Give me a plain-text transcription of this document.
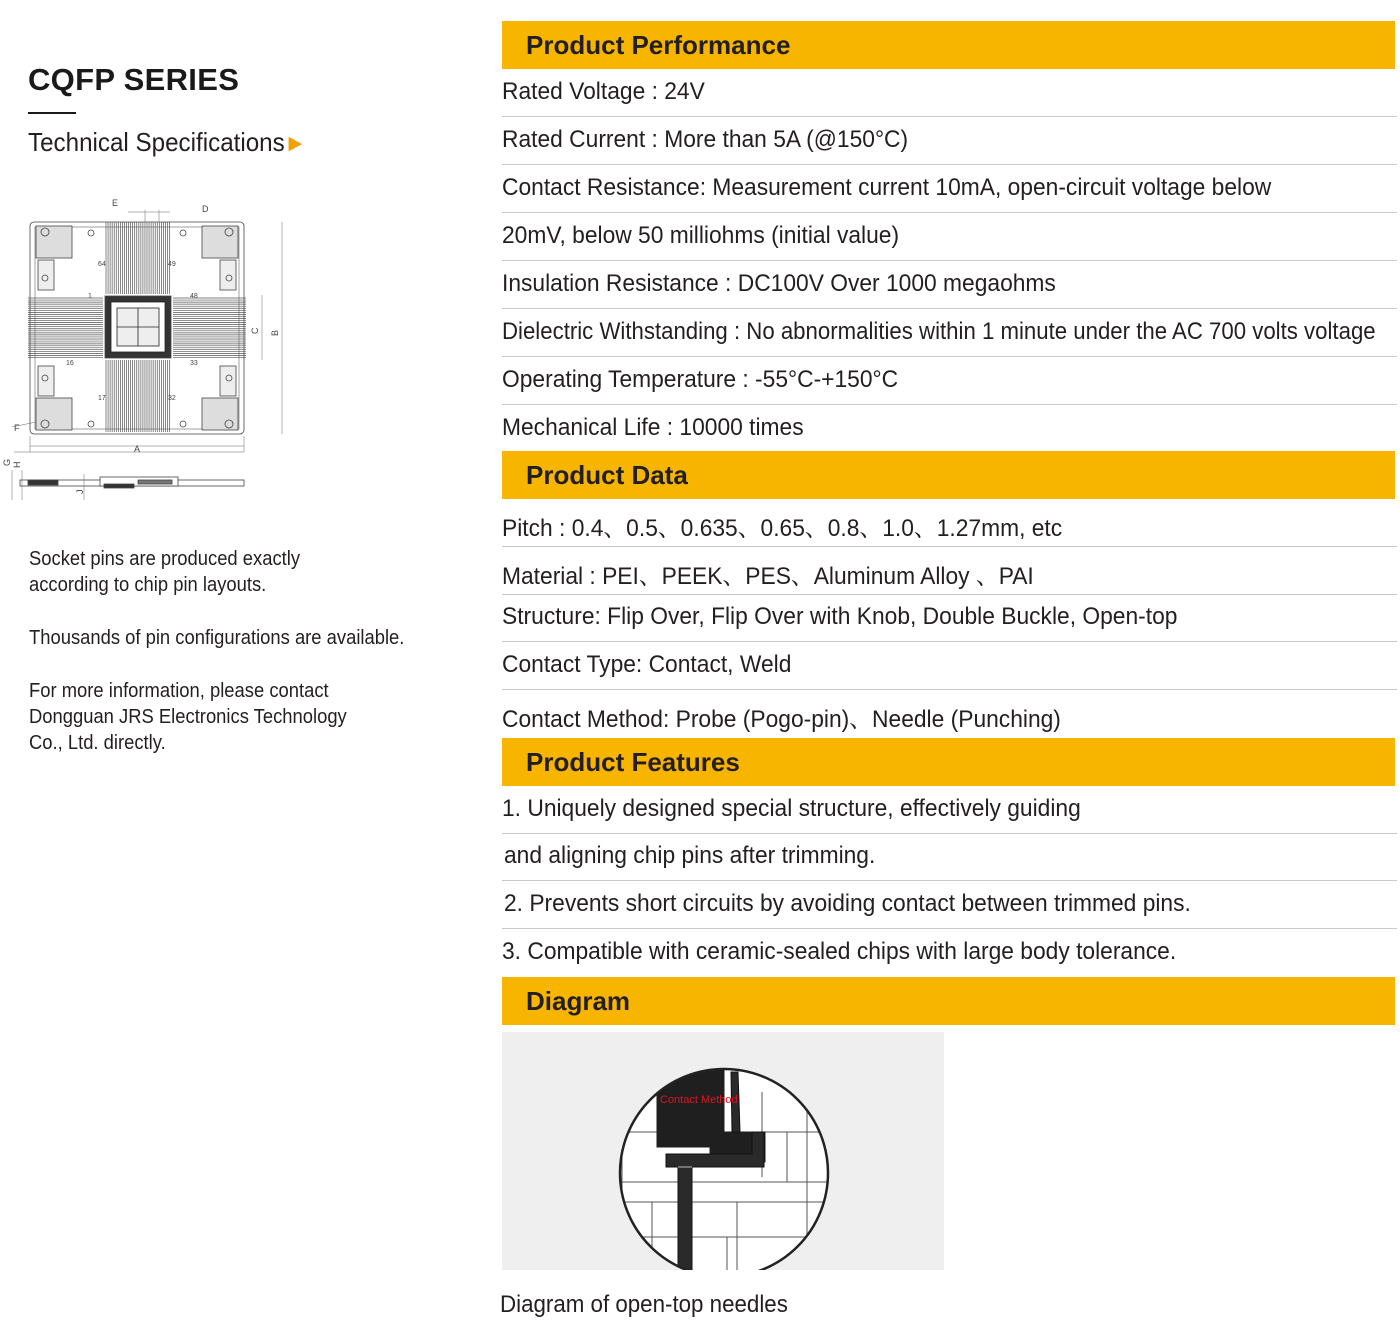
CQFP SERIES
Technical Specifications ▶
E
D
B
C
F
A
G H
J
64	49
1	48
16	33
17	32
Socket pins are produced exactly
according to chip pin layouts.
Thousands of pin configurations are available.
For more information, please contact
Dongguan JRS Electronics Technology
Co., Ltd. directly.
Product Performance
Rated Voltage : 24V
Rated Current : More than 5A (@150°C)
Contact Resistance: Measurement current 10mA, open-circuit voltage below
20mV, below 50 milliohms (initial value)
Insulation Resistance : DC100V Over 1000 megaohms
Dielectric Withstanding : No abnormalities within 1 minute under the AC 700 volts voltage
Operating Temperature : -55°C-+150°C
Mechanical Life : 10000 times
Product Data
Pitch : 0.4、0.5、0.635、0.65、0.8、1.0、1.27mm, etc
Material : PEI、PEEK、PES、Aluminum Alloy 、PAI
Structure: Flip Over, Flip Over with Knob, Double Buckle, Open-top
Contact Type: Contact, Weld
Contact Method: Probe (Pogo-pin)、Needle (Punching)
Product Features
1. Uniquely designed special structure, effectively guiding
and aligning chip pins after trimming.
2. Prevents short circuits by avoiding contact between trimmed pins.
3. Compatible with ceramic-sealed chips with large body tolerance.
Diagram
Contact Method
Diagram of open-top needles
